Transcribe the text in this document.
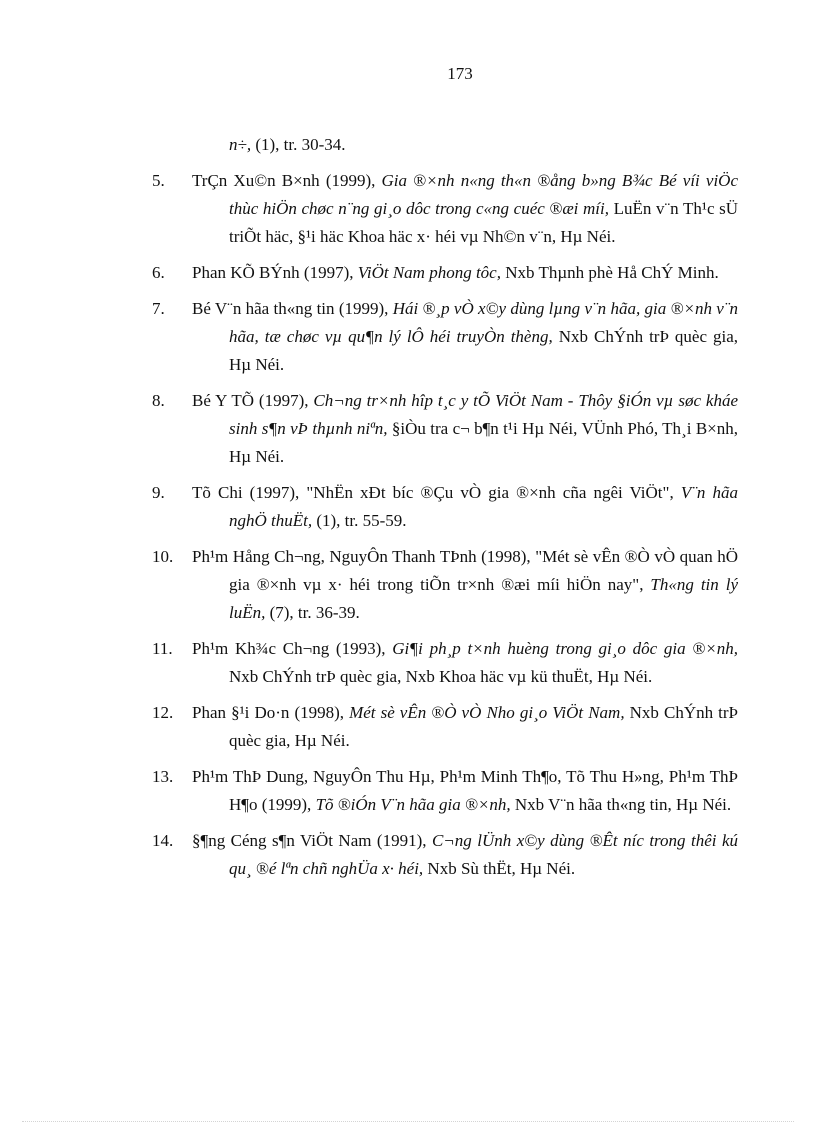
173
n÷, (1), tr. 30-34.
5.	TrÇn Xu©n B×nh (1999), Gia ®×nh n«ng th«n ®ång b»ng B¾c Bé víi viÖc thùc hiÖn chøc n¨ng gi¸o dôc trong c«ng cuéc ®æi míi, LuËn v¨n Th¹c sÜ triÕt häc, §¹i häc Khoa häc x· héi vµ Nh©n v¨n, Hµ Néi.
6.	Phan KÕ BÝnh (1997), ViÖt Nam phong tôc, Nxb Thµnh phè Hå ChÝ Minh.
7.	Bé V¨n hãa th«ng tin (1999), Hái ®¸p vÒ x©y dùng lµng v¨n hãa, gia ®×nh v¨n hãa, tæ chøc vµ qu¶n lý lÔ héi truyÒn thèng, Nxb ChÝnh trÞ quèc gia, Hµ Néi.
8.	Bé Y TÕ (1997), Ch¬ng tr×nh hîp t¸c y tÕ ViÖt Nam - Thôy §iÓn vµ søc kháe sinh s¶n vÞ thµnh niªn, §iÒu tra c¬ b¶n t¹i Hµ Néi, VÜnh Phó, Th¸i B×nh, Hµ Néi.
9.	Tõ Chi (1997), "NhËn xÐt bíc ®Çu vÒ gia ®×nh cña ngêi ViÖt", V¨n hãa nghÖ thuËt, (1), tr. 55-59.
10.	Ph¹m Hång Ch¬ng, NguyÔn Thanh TÞnh (1998), "Mét sè vÊn ®Ò vÒ quan hÖ gia ®×nh vµ x· héi trong tiÕn tr×nh ®æi míi hiÖn nay", Th«ng tin lý luËn, (7), tr. 36-39.
11.	Ph¹m Kh¾c Ch¬ng (1993), Gi¶i ph¸p t×nh huèng trong gi¸o dôc gia ®×nh, Nxb ChÝnh trÞ quèc gia, Nxb Khoa häc vµ kü thuËt, Hµ Néi.
12.	Phan §¹i Do·n (1998), Mét sè vÊn ®Ò vÒ Nho gi¸o ViÖt Nam, Nxb ChÝnh trÞ quèc gia, Hµ Néi.
13.	Ph¹m ThÞ Dung, NguyÔn Thu Hµ, Ph¹m Minh Th¶o, Tõ Thu H»ng, Ph¹m ThÞ H¶o (1999), Tõ ®iÓn V¨n hãa gia ®×nh, Nxb V¨n hãa th«ng tin, Hµ Néi.
14.	§¶ng Céng s¶n ViÖt Nam (1991), C¬ng lÜnh x©y dùng ®Êt níc trong thêi kú qu¸ ®é lªn chñ nghÜa x· héi, Nxb Sù thËt, Hµ Néi.
